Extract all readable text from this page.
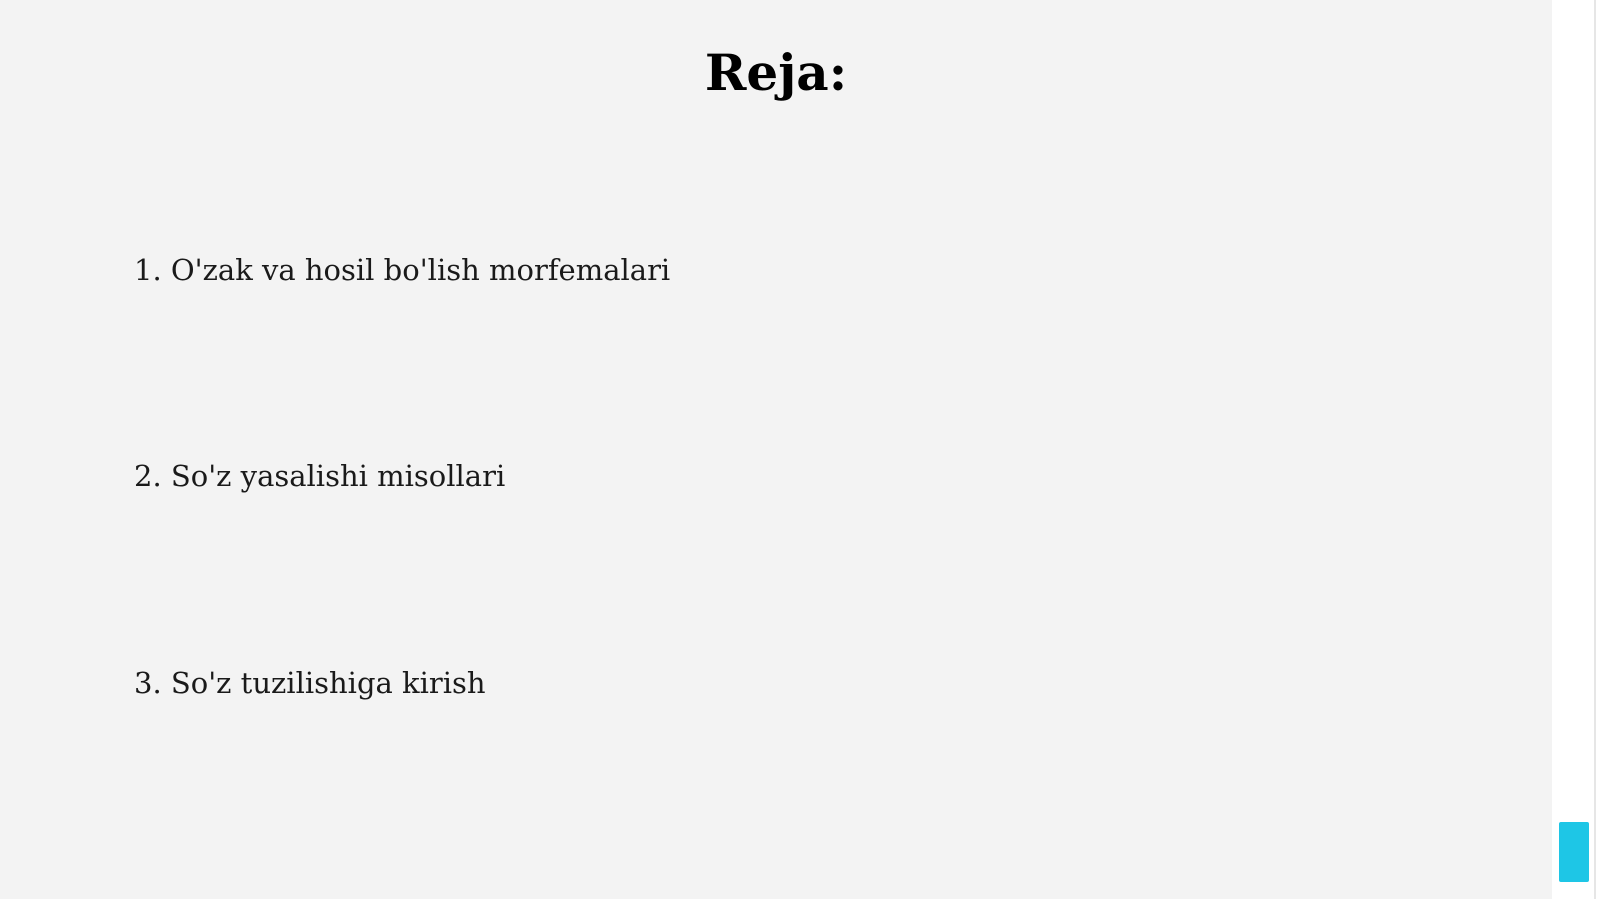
Reja:
1. O'zak va hosil bo'lish morfemalari
2. So'z yasalishi misollari
3. So'z tuzilishiga kirish
